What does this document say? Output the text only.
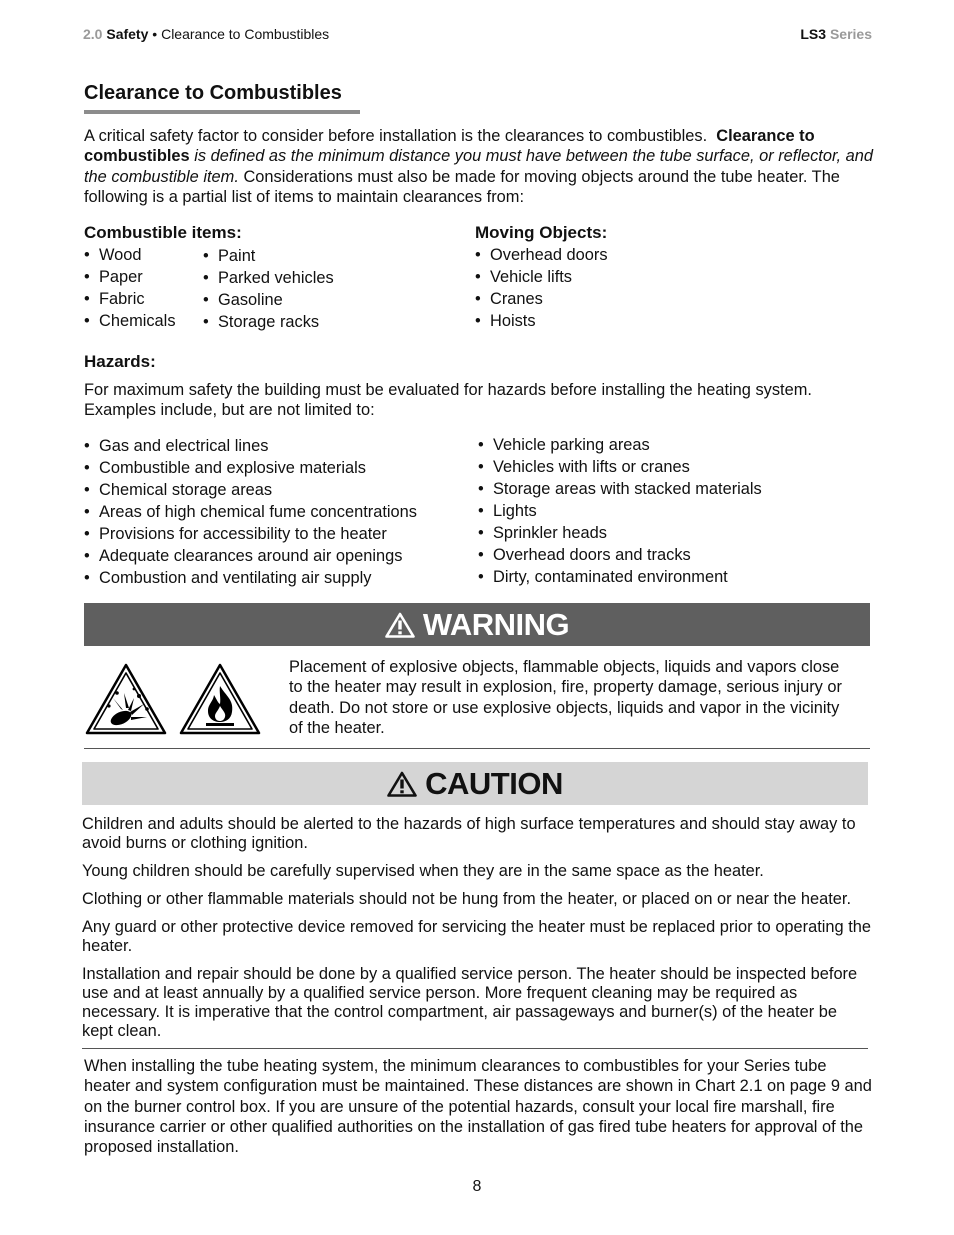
2.0 Safety • Clearance to Combustibles	LS3 Series
Clearance to Combustibles
A critical safety factor to consider before installation is the clearances to combustibles. Clearance to combustibles is defined as the minimum distance you must have between the tube surface, or reflector, and the combustible item. Considerations must also be made for moving objects around the tube heater. The following is a partial list of items to maintain clearances from:
Combustible items:
• Wood
• Paper
• Fabric
• Chemicals
• Paint
• Parked vehicles
• Gasoline
• Storage racks
Moving Objects:
• Overhead doors
• Vehicle lifts
• Cranes
• Hoists
Hazards:
For maximum safety the building must be evaluated for hazards before installing the heating system. Examples include, but are not limited to:
• Gas and electrical lines
• Combustible and explosive materials
• Chemical storage areas
• Areas of high chemical fume concentrations
• Provisions for accessibility to the heater
• Adequate clearances around air openings
• Combustion and ventilating air supply
• Vehicle parking areas
• Vehicles with lifts or cranes
• Storage areas with stacked materials
• Lights
• Sprinkler heads
• Overhead doors and tracks
• Dirty, contaminated environment
WARNING
Placement of explosive objects, flammable objects, liquids and vapors close to the heater may result in explosion, fire, property damage, serious injury or death. Do not store or use explosive objects, liquids and vapor in the vicinity of the heater.
CAUTION

Children and adults should be alerted to the hazards of high surface temperatures and should stay away to avoid burns or clothing ignition.

Young children should be carefully supervised when they are in the same space as the heater.

Clothing or other flammable materials should not be hung from the heater, or placed on or near the heater.

Any guard or other protective device removed for servicing the heater must be replaced prior to operating the heater.

Installation and repair should be done by a qualified service person. The heater should be inspected before use and at least annually by a qualified service person. More frequent cleaning may be required as necessary. It is imperative that the control compartment, air passageways and burner(s) of the heater be kept clean.

When installing the tube heating system, the minimum clearances to combustibles for your Series tube heater and system configuration must be maintained. These distances are shown in Chart 2.1 on page 9 and on the burner control box. If you are unsure of the potential hazards, consult your local fire marshall, fire insurance carrier or other qualified authorities on the installation of gas fired tube heaters for approval of the proposed installation.
8
